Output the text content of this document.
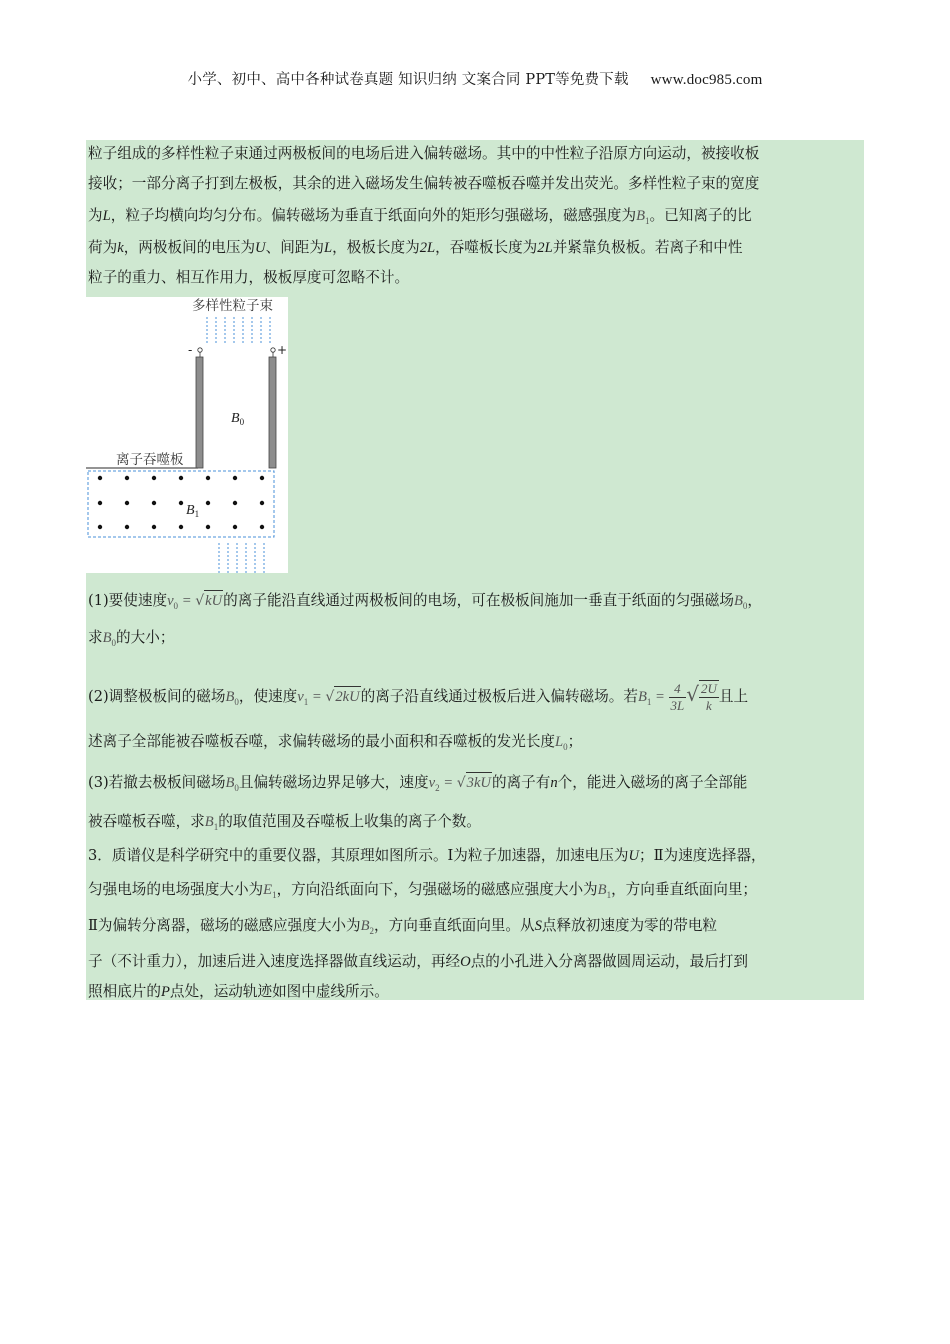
小学、初中、高中各种试卷真题 知识归纳 文案合同 PPT等免费下载 www.doc985.com
粒子组成的多样性粒子束通过两极板间的电场后进入偏转磁场。其中的中性粒子沿原方向运动，被接收板
接收；一部分离子打到左极板，其余的进入磁场发生偏转被吞噬板吞噬并发出荧光。多样性粒子束的宽度
为L，粒子均横向均匀分布。偏转磁场为垂直于纸面向外的矩形匀强磁场，磁感强度为$B_1$。已知离子的比
荷为k，两极板间的电压为U、间距为L，极板长度为2L，吞噬板长度为2L并紧靠负极板。若离子和中性
粒子的重力、相互作用力，极板厚度可忽略不计。
多样性粒子束
-	+
$B_0$
离子吞噬板
$B_1$
(1)要使速度$v_0 = √kU$的离子能沿直线通过两极板间的电场，可在极板间施加一垂直于纸面的匀强磁场$B_0$，
求$B_0$的大小；
(2)调整极板间的磁场$B_0$，使速度$v_1 = √2kU$的离子沿直线通过极板后进入偏转磁场。若$B_1 = \frac{4}{3L}$ √ $\frac{2U}{k}$ 且上
述离子全部能被吞噬板吞噬，求偏转磁场的最小面积和吞噬板的发光长度$L_0$；
(3)若撤去极板间磁场$B_0$且偏转磁场边界足够大，速度$v_2 = √3kU$的离子有n个，能进入磁场的离子全部能
被吞噬板吞噬，求$B_1$的取值范围及吞噬板上收集的离子个数。
3．质谱仪是科学研究中的重要仪器，其原理如图所示。Ⅰ为粒子加速器，加速电压为U；Ⅱ为速度选择器，
匀强电场的电场强度大小为$E_1$，方向沿纸面向下，匀强磁场的磁感应强度大小为$B_1$，方向垂直纸面向里；
Ⅱ为偏转分离器，磁场的磁感应强度大小为$B_2$，方向垂直纸面向里。从S点释放初速度为零的带电粒
子（不计重力），加速后进入速度选择器做直线运动，再经O点的小孔进入分离器做圆周运动，最后打到
照相底片的P点处，运动轨迹如图中虚线所示。
